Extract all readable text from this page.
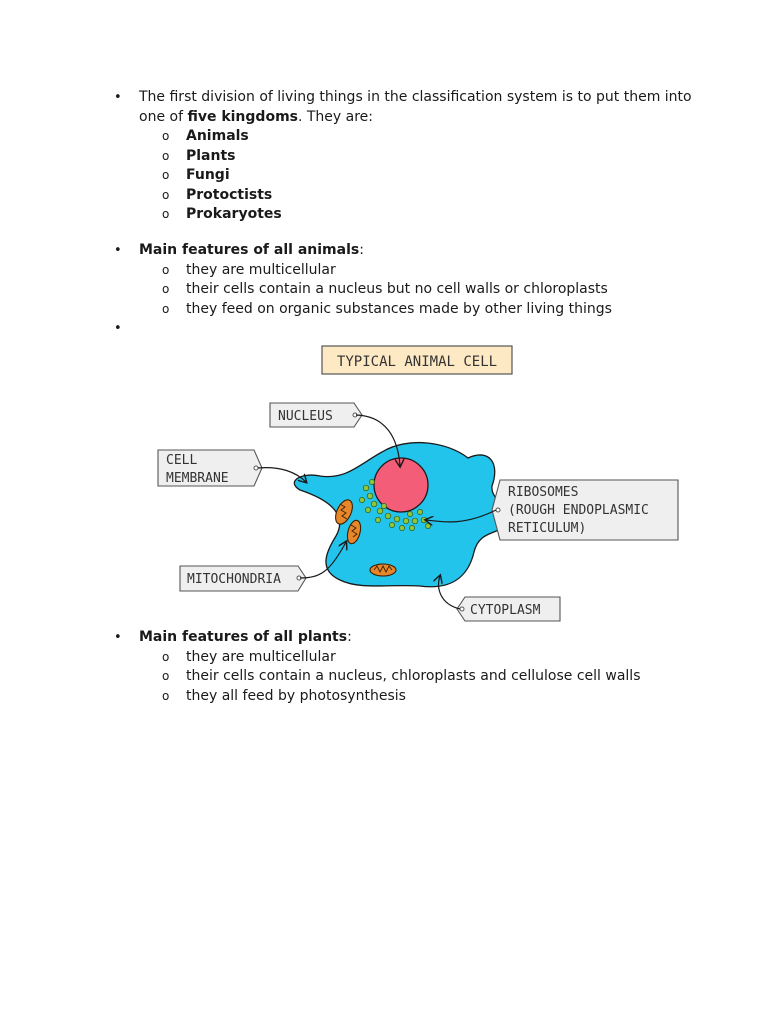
• The first division of living things in the classification system is to put them into one of five kingdoms. They are:
o Animals
o Plants
o Fungi
o Protoctists
o Prokaryotes
• Main features of all animals:
o they are multicellular
o their cells contain a nucleus but no cell walls or chloroplasts
o they feed on organic substances made by other living things
•
TYPICAL ANIMAL CELL
NUCLEUS
CELL
MEMBRANE
RIBOSOMES
(ROUGH ENDOPLASMIC
RETICULUM)
MITOCHONDRIA
CYTOPLASM
• Main features of all plants:
o they are multicellular
o their cells contain a nucleus, chloroplasts and cellulose cell walls
o they all feed by photosynthesis
